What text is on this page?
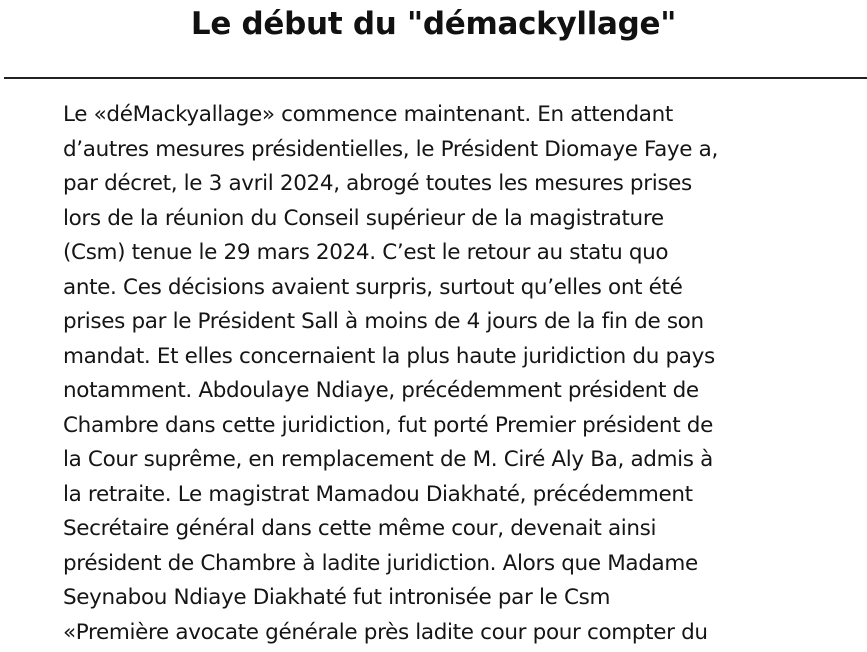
Le début du "démackyllage"
Le «déMackyallage» commence maintenant. En attendant
d’autres mesures présidentielles, le Président Diomaye Faye a,
par décret, le 3 avril 2024, abrogé toutes les mesures prises
lors de la réunion du Conseil supérieur de la magistrature
(Csm) tenue le 29 mars 2024. C’est le retour au statu quo
ante. Ces décisions avaient surpris, surtout qu’elles ont été
prises par le Président Sall à moins de 4 jours de la fin de son
mandat. Et elles concernaient la plus haute juridiction du pays
notamment. Abdoulaye Ndiaye, précédemment président de
Chambre dans cette juridiction, fut porté Premier président de
la Cour suprême, en remplacement de M. Ciré Aly Ba, admis à
la retraite. Le magistrat Mamadou Diakhaté, précédemment
Secrétaire général dans cette même cour, devenait ainsi
président de Chambre à ladite juridiction. Alors que Madame
Seynabou Ndiaye Diakhaté fut intronisée par le Csm
«Première avocate générale près ladite cour pour compter du
